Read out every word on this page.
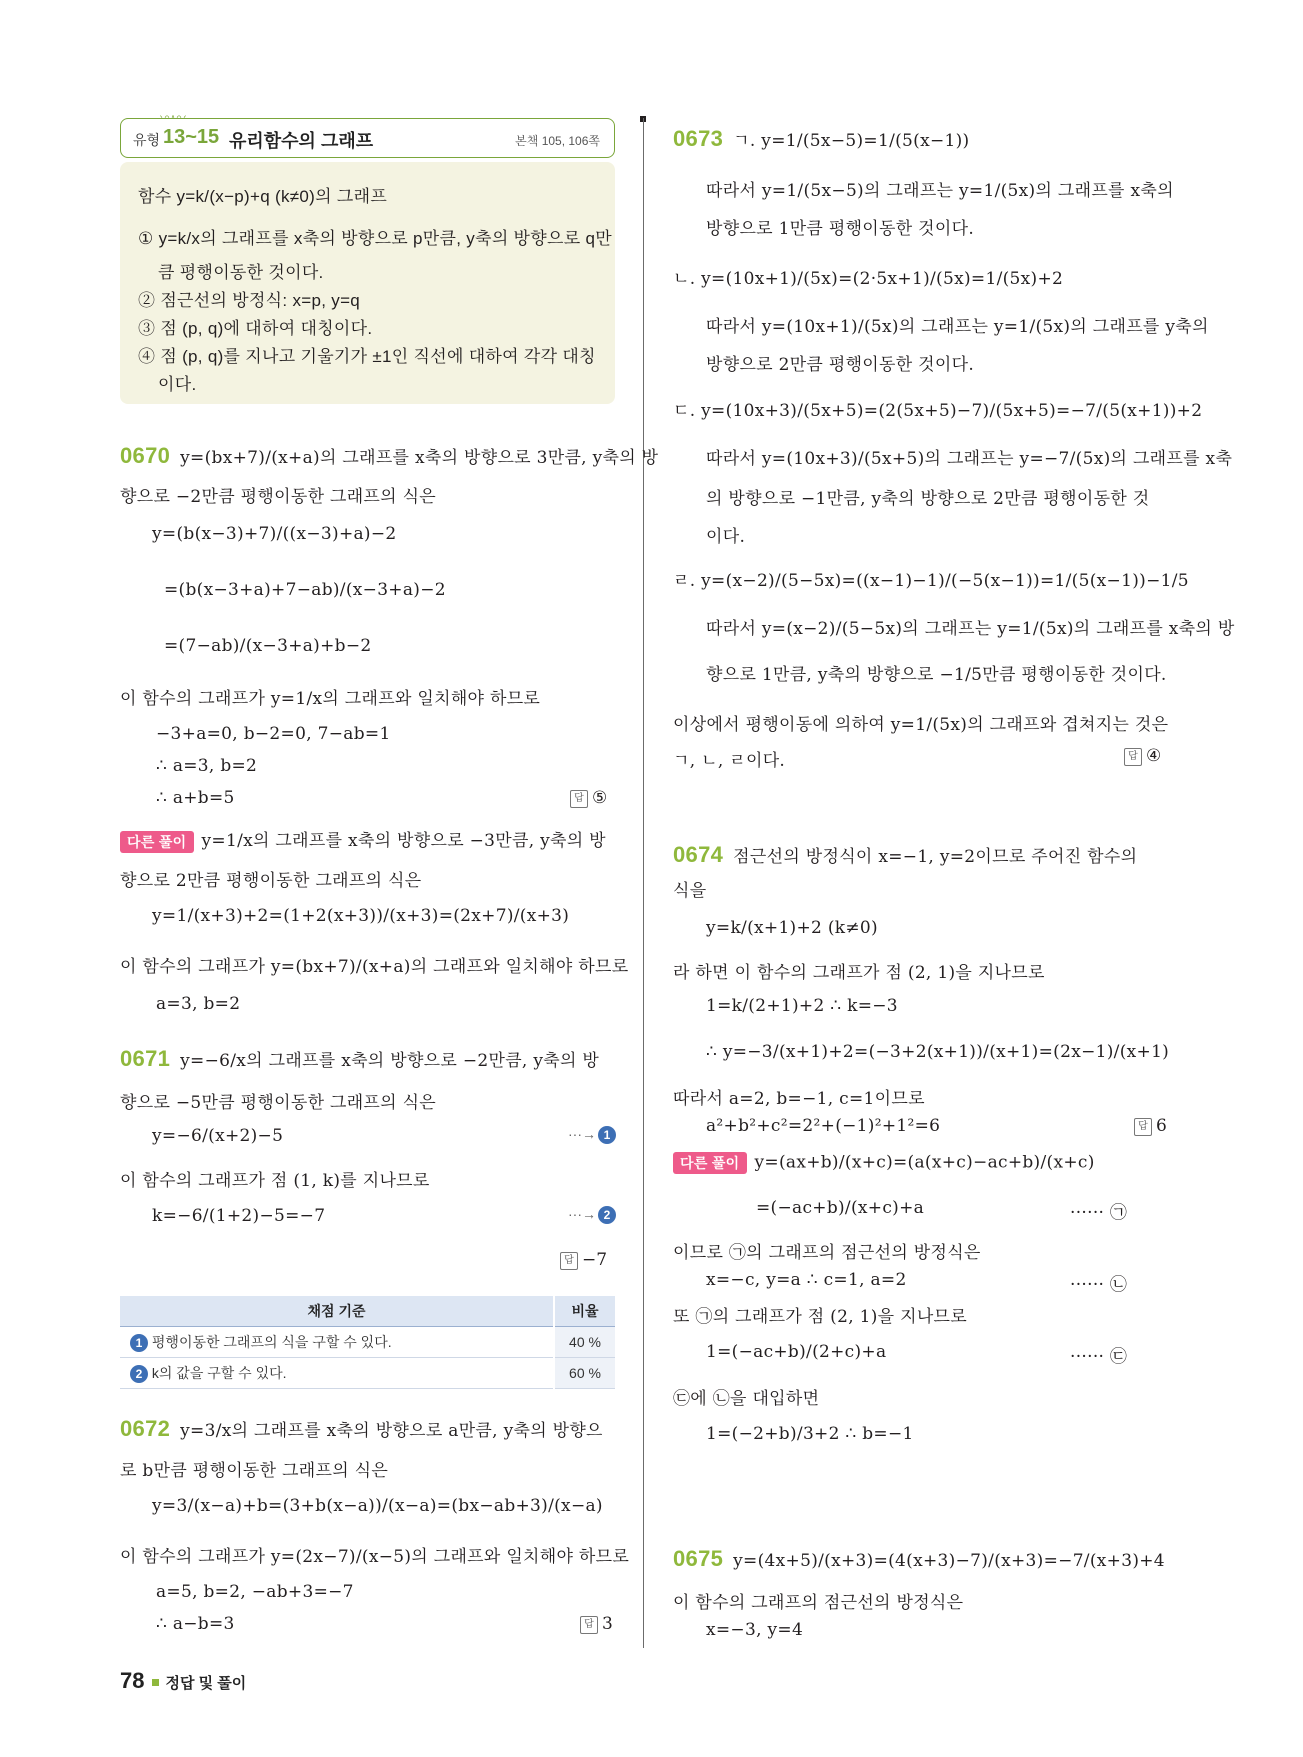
유형 13~15 유리함수의 그래프	본책 105, 106쪽
함수 y=k/(x−p)+q (k≠0)의 그래프
① y=k/x의 그래프를 x축의 방향으로 p만큼, y축의 방향으로 q만
큼 평행이동한 것이다.
② 점근선의 방정식: x=p, y=q
③ 점 (p, q)에 대하여 대칭이다.
④ 점 (p, q)를 지나고 기울기가 ±1인 직선에 대하여 각각 대칭
이다.
0670 y=(bx+7)/(x+a)의 그래프를 x축의 방향으로 3만큼, y축의 방
향으로 −2만큼 평행이동한 그래프의 식은
y=(b(x−3)+7)/((x−3)+a)−2
=(b(x−3+a)+7−ab)/(x−3+a)−2
=(7−ab)/(x−3+a)+b−2
이 함수의 그래프가 y=1/x의 그래프와 일치해야 하므로
−3+a=0, b−2=0, 7−ab=1
∴ a=3, b=2
∴ a+b=5	답 ⑤
다른 풀이 y=1/x의 그래프를 x축의 방향으로 −3만큼, y축의 방
향으로 2만큼 평행이동한 그래프의 식은
y=1/(x+3)+2=(1+2(x+3))/(x+3)=(2x+7)/(x+3)
이 함수의 그래프가 y=(bx+7)/(x+a)의 그래프와 일치해야 하므로
a=3, b=2
0671 y=−6/x의 그래프를 x축의 방향으로 −2만큼, y축의 방
향으로 −5만큼 평행이동한 그래프의 식은
y=−6/(x+2)−5	···→ 1
이 함수의 그래프가 점 (1, k)를 지나므로
k=−6/(1+2)−5=−7	···→ 2
답 −7
채점 기준	비율
1 평행이동한 그래프의 식을 구할 수 있다.	40 %
2 k의 값을 구할 수 있다.	60 %
0672 y=3/x의 그래프를 x축의 방향으로 a만큼, y축의 방향으
로 b만큼 평행이동한 그래프의 식은
y=3/(x−a)+b=(3+b(x−a))/(x−a)=(bx−ab+3)/(x−a)
이 함수의 그래프가 y=(2x−7)/(x−5)의 그래프와 일치해야 하므로
a=5, b=2, −ab+3=−7
∴ a−b=3	답 3
0673 ㄱ. y=1/(5x−5)=1/(5(x−1))
따라서 y=1/(5x−5)의 그래프는 y=1/(5x)의 그래프를 x축의
방향으로 1만큼 평행이동한 것이다.
ㄴ. y=(10x+1)/(5x)=(2·5x+1)/(5x)=1/(5x)+2
따라서 y=(10x+1)/(5x)의 그래프는 y=1/(5x)의 그래프를 y축의
방향으로 2만큼 평행이동한 것이다.
ㄷ. y=(10x+3)/(5x+5)=(2(5x+5)−7)/(5x+5)=−7/(5(x+1))+2
따라서 y=(10x+3)/(5x+5)의 그래프는 y=−7/(5x)의 그래프를 x축
의 방향으로 −1만큼, y축의 방향으로 2만큼 평행이동한 것
이다.
ㄹ. y=(x−2)/(5−5x)=((x−1)−1)/(−5(x−1))=1/(5(x−1))−1/5
따라서 y=(x−2)/(5−5x)의 그래프는 y=1/(5x)의 그래프를 x축의 방
향으로 1만큼, y축의 방향으로 −1/5만큼 평행이동한 것이다.
이상에서 평행이동에 의하여 y=1/(5x)의 그래프와 겹쳐지는 것은
ㄱ, ㄴ, ㄹ이다.	답 ④
0674 점근선의 방정식이 x=−1, y=2이므로 주어진 함수의
식을
y=k/(x+1)+2 (k≠0)
라 하면 이 함수의 그래프가 점 (2, 1)을 지나므로
1=k/(2+1)+2 ∴ k=−3
∴ y=−3/(x+1)+2=(−3+2(x+1))/(x+1)=(2x−1)/(x+1)
따라서 a=2, b=−1, c=1이므로
a²+b²+c²=2²+(−1)²+1²=6	답 6
다른 풀이 y=(ax+b)/(x+c)=(a(x+c)−ac+b)/(x+c)
=(−ac+b)/(x+c)+a	······ ㉠
이므로 ㉠의 그래프의 점근선의 방정식은
x=−c, y=a ∴ c=1, a=2	······ ㉡
또 ㉠의 그래프가 점 (2, 1)을 지나므로
1=(−ac+b)/(2+c)+a	······ ㉢
㉢에 ㉡을 대입하면
1=(−2+b)/3+2 ∴ b=−1
0675 y=(4x+5)/(x+3)=(4(x+3)−7)/(x+3)=−7/(x+3)+4
이 함수의 그래프의 점근선의 방정식은
x=−3, y=4
78 정답 및 풀이
